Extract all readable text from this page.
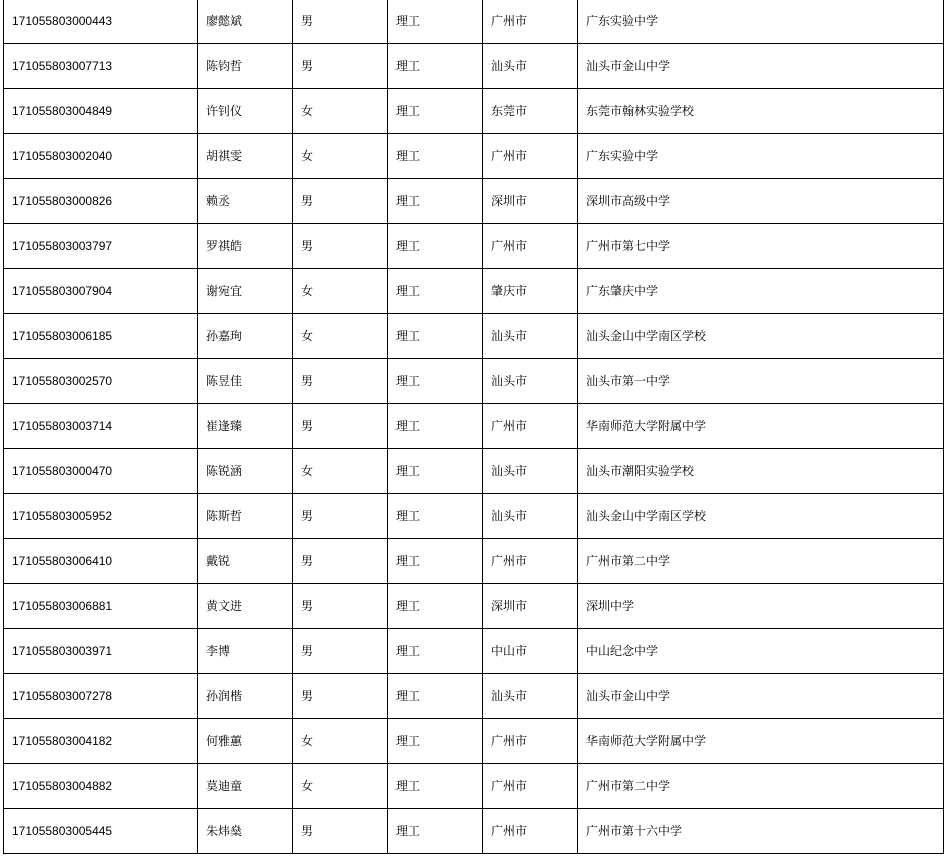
171055803000443	廖懿斌	男	理工	广州市	广东实验中学
171055803007713	陈钧哲	男	理工	汕头市	汕头市金山中学
171055803004849	许钊仪	女	理工	东莞市	东莞市翰林实验学校
171055803002040	胡祺雯	女	理工	广州市	广东实验中学
171055803000826	赖丞	男	理工	深圳市	深圳市高级中学
171055803003797	罗祺皓	男	理工	广州市	广州市第七中学
171055803007904	谢宛宜	女	理工	肇庆市	广东肇庆中学
171055803006185	孙嘉珣	女	理工	汕头市	汕头金山中学南区学校
171055803002570	陈昱佳	男	理工	汕头市	汕头市第一中学
171055803003714	崔逢臻	男	理工	广州市	华南师范大学附属中学
171055803000470	陈锐涵	女	理工	汕头市	汕头市潮阳实验学校
171055803005952	陈斯哲	男	理工	汕头市	汕头金山中学南区学校
171055803006410	戴锐	男	理工	广州市	广州市第二中学
171055803006881	黄文进	男	理工	深圳市	深圳中学
171055803003971	李博	男	理工	中山市	中山纪念中学
171055803007278	孙润楷	男	理工	汕头市	汕头市金山中学
171055803004182	何雅蕙	女	理工	广州市	华南师范大学附属中学
171055803004882	莫迪童	女	理工	广州市	广州市第二中学
171055803005445	朱炜燊	男	理工	广州市	广州市第十六中学
